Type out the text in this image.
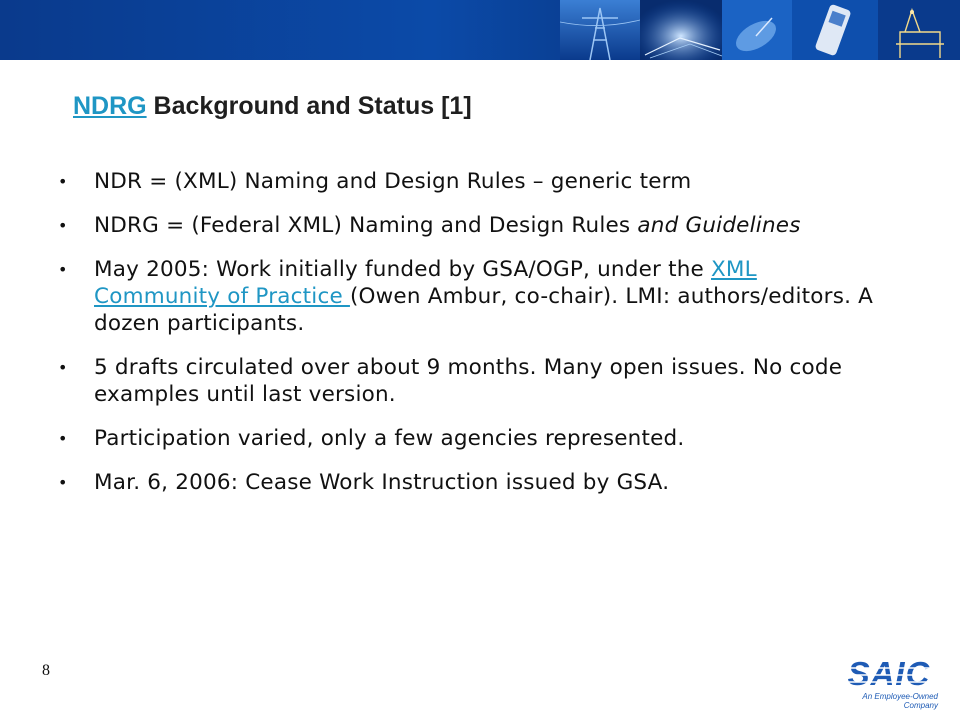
NDRG Background and Status [1]
•	NDR = (XML) Naming and Design Rules – generic term
•	NDRG = (Federal XML) Naming and Design Rules and Guidelines
•	May 2005: Work initially funded by GSA/OGP, under the XML Community of Practice (Owen Ambur, co-chair). LMI: authors/editors. A dozen participants.
•	5 drafts circulated over about 9 months. Many open issues. No code examples until last version.
•	Participation varied, only a few agencies represented.
•	Mar. 6, 2006: Cease Work Instruction issued by GSA.
8	SAIC
An Employee-Owned Company
